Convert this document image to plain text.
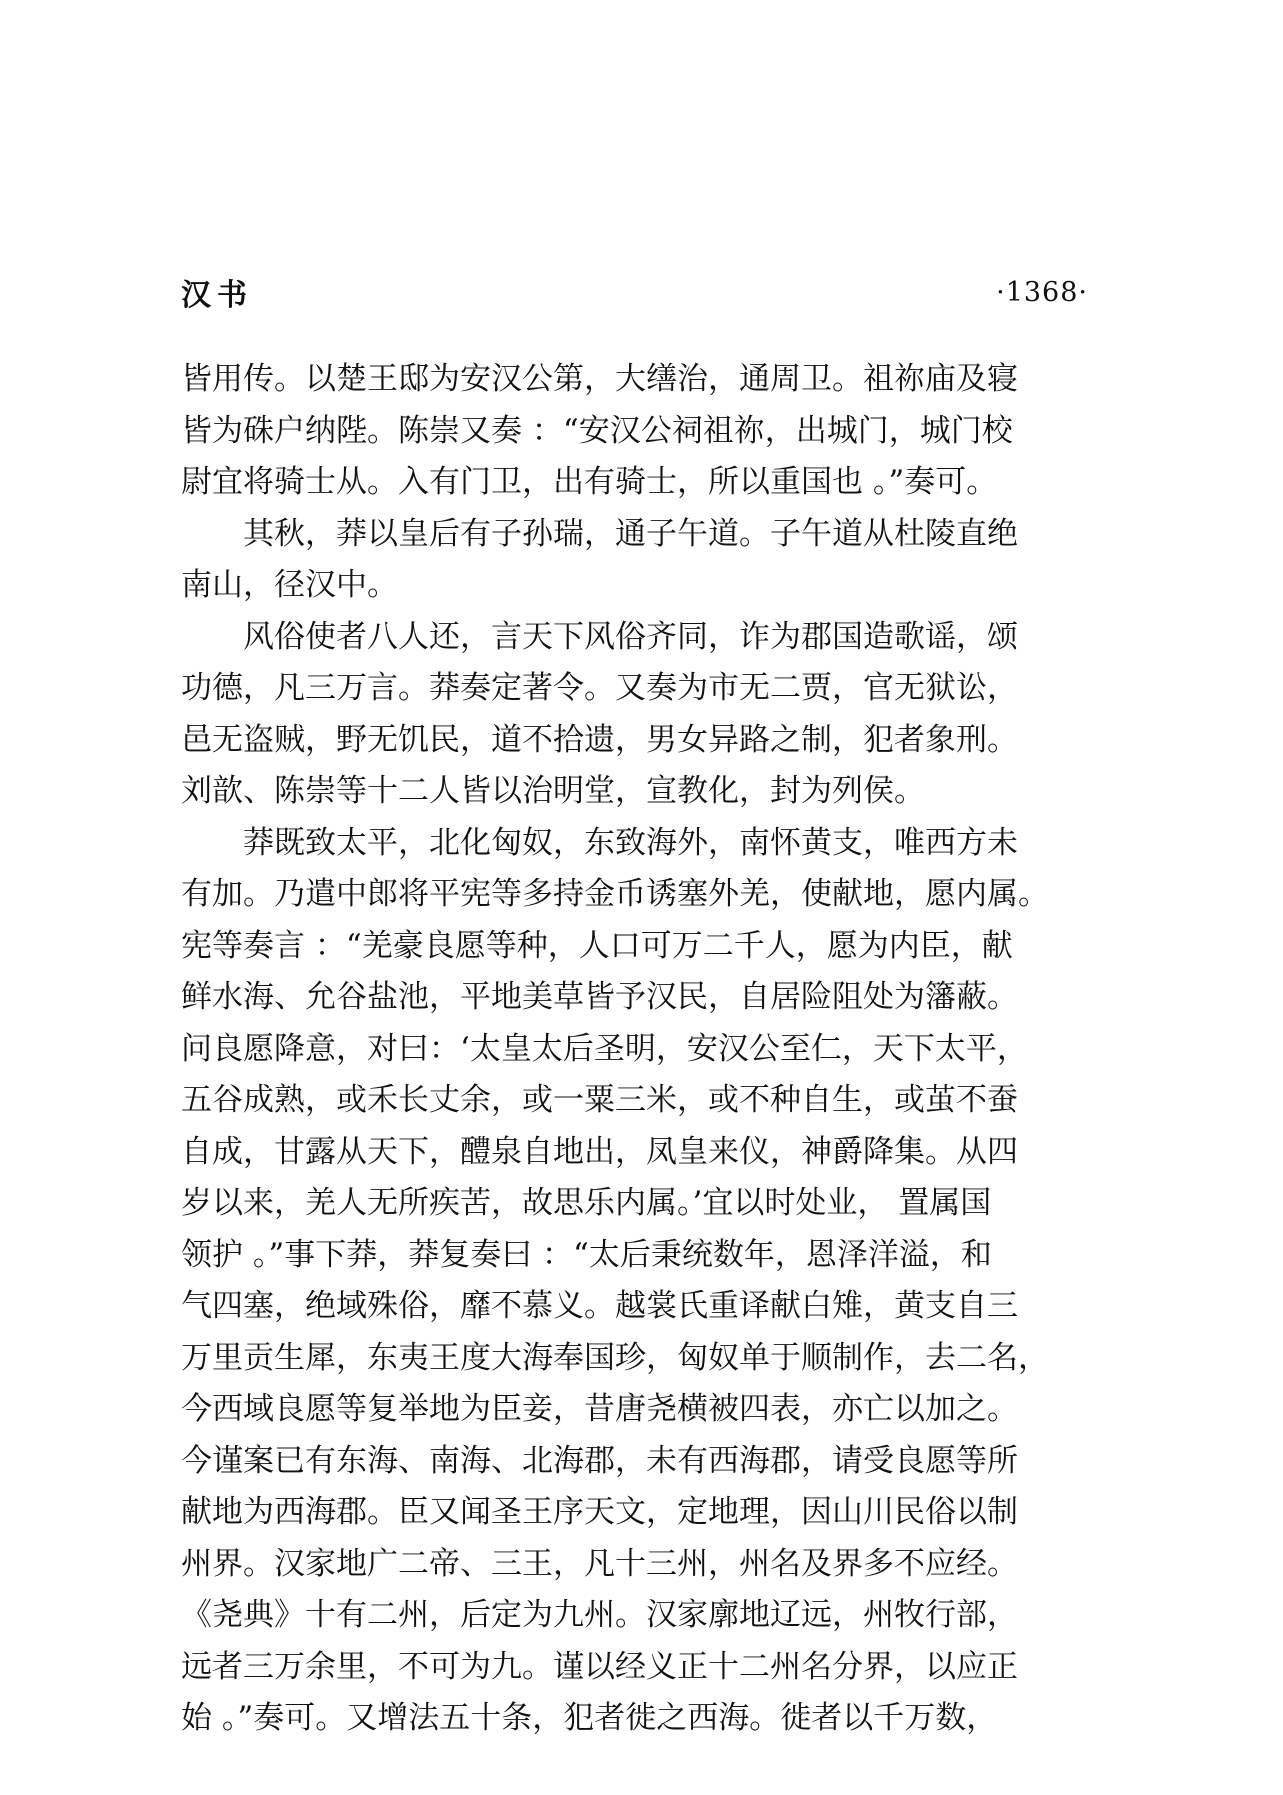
汉书	·1368·
皆用传。以楚王邸为安汉公第，大缮治，通周卫。祖祢庙及寝
皆为硃户纳陛。陈崇又奏 ：“安汉公祠祖祢，出城门，城门校
尉宜将骑士从。入有门卫，出有骑士，所以重国也 。”奏可。
　　其秋，莽以皇后有子孙瑞，通子午道。子午道从杜陵直绝
南山，径汉中。
　　风俗使者八人还，言天下风俗齐同，诈为郡国造歌谣，颂
功德，凡三万言。莽奏定著令。又奏为市无二贾，官无狱讼，
邑无盗贼，野无饥民，道不拾遗，男女异路之制，犯者象刑。
刘歆、陈崇等十二人皆以治明堂，宣教化，封为列侯。
　　莽既致太平，北化匈奴，东致海外，南怀黄支，唯西方未
有加。乃遣中郎将平宪等多持金币诱塞外羌，使献地，愿内属。
宪等奏言 ：“羌豪良愿等种，人口可万二千人，愿为内臣，献
鲜水海、允谷盐池，平地美草皆予汉民，自居险阻处为籓蔽。
问良愿降意，对曰：‘太皇太后圣明，安汉公至仁，天下太平，
五谷成熟，或禾长丈余，或一粟三米，或不种自生，或茧不蚕
自成，甘露从天下，醴泉自地出，凤皇来仪，神爵降集。从四
岁以来，羌人无所疾苦，故思乐内属。’宜以时处业， 置属国
领护 。”事下莽，莽复奏曰 ：“太后秉统数年，恩泽洋溢，和
气四塞，绝域殊俗，靡不慕义。越裳氏重译献白雉，黄支自三
万里贡生犀，东夷王度大海奉国珍，匈奴单于顺制作，去二名，
今西域良愿等复举地为臣妾，昔唐尧横被四表，亦亡以加之。
今谨案已有东海、南海、北海郡，未有西海郡，请受良愿等所
献地为西海郡。臣又闻圣王序天文，定地理，因山川民俗以制
州界。汉家地广二帝、三王，凡十三州，州名及界多不应经。
《尧典》十有二州，后定为九州。汉家廓地辽远，州牧行部，
远者三万余里，不可为九。谨以经义正十二州名分界，以应正
始 。”奏可。又增法五十条，犯者徙之西海。徙者以千万数，
